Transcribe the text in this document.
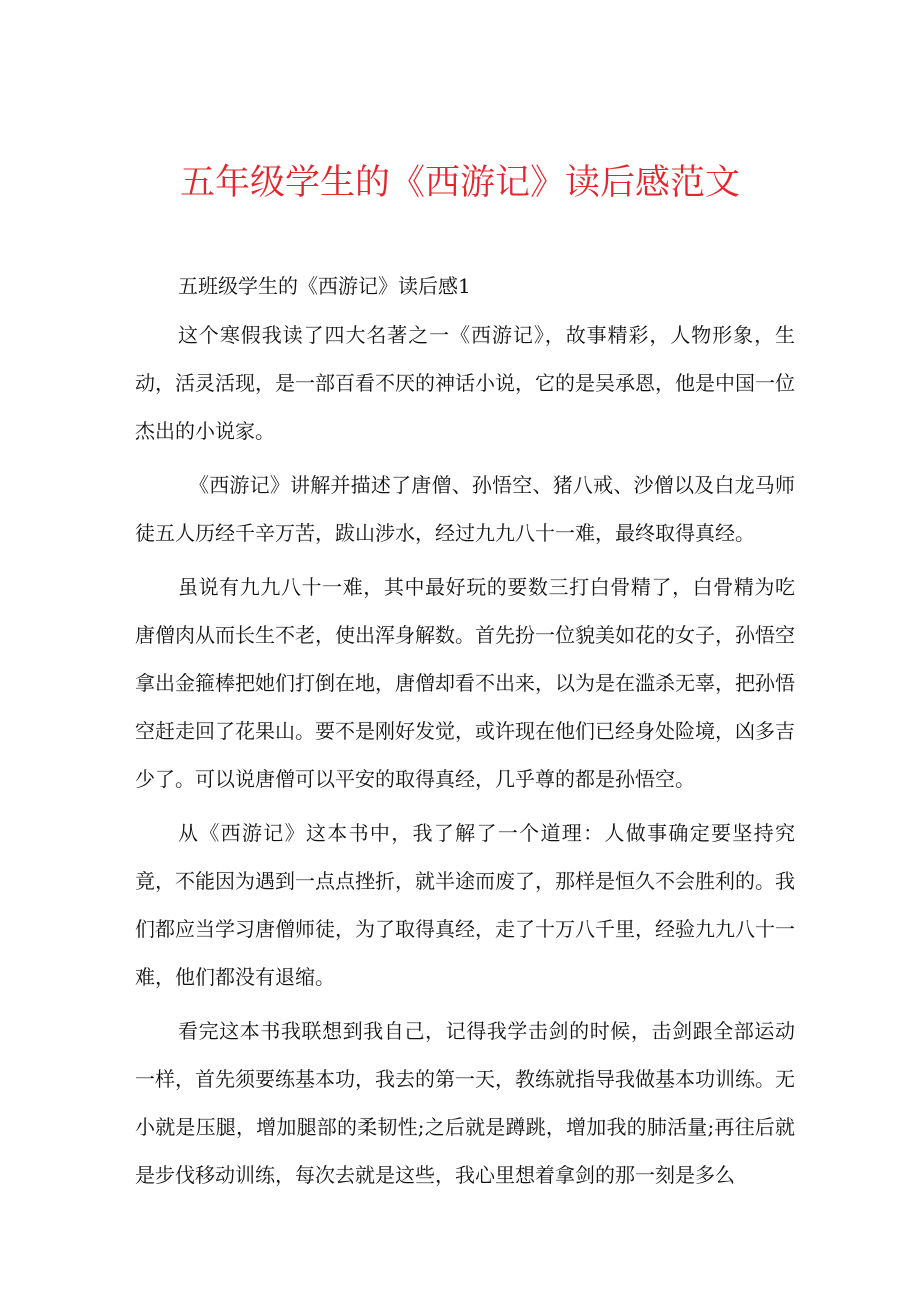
五年级学生的《西游记》读后感范文
五班级学生的《西游记》读后感1

这个寒假我读了四大名著之一《西游记》，故事精彩，人物形象，生动，活灵活现，是一部百看不厌的神话小说，它的是吴承恩，他是中国一位杰出的小说家。

《西游记》讲解并描述了唐僧、孙悟空、猪八戒、沙僧以及白龙马师徒五人历经千辛万苦，跋山涉水，经过九九八十一难，最终取得真经。

虽说有九九八十一难，其中最好玩的要数三打白骨精了，白骨精为吃唐僧肉从而长生不老，使出浑身解数。首先扮一位貌美如花的女子，孙悟空拿出金箍棒把她们打倒在地，唐僧却看不出来，以为是在滥杀无辜，把孙悟空赶走回了花果山。要不是刚好发觉，或许现在他们已经身处险境，凶多吉少了。可以说唐僧可以平安的取得真经，几乎尊的都是孙悟空。

从《西游记》这本书中，我了解了一个道理：人做事确定要坚持究竟，不能因为遇到一点点挫折，就半途而废了，那样是恒久不会胜利的。我们都应当学习唐僧师徒，为了取得真经，走了十万八千里，经验九九八十一难，他们都没有退缩。

看完这本书我联想到我自己，记得我学击剑的时候，击剑跟全部运动一样，首先须要练基本功，我去的第一天，教练就指导我做基本功训练。无小就是压腿，增加腿部的柔韧性;之后就是蹲跳，增加我的肺活量;再往后就是步伐移动训练，每次去就是这些，我心里想着拿剑的那一刻是多么
